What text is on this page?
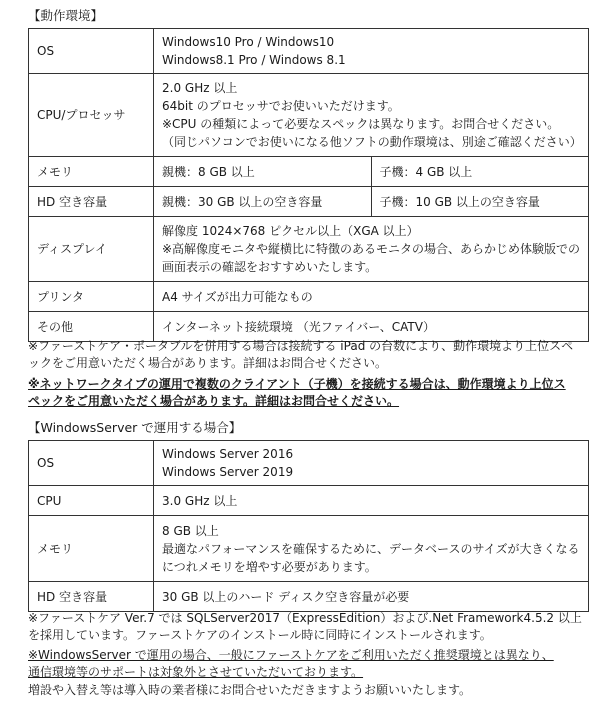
【動作環境】
OS	Windows10 Pro / Windows10
Windows8.1 Pro / Windows 8.1	

CPU/プロセッサ	2.0 GHz 以上
64bit のプロセッサでお使いいただけます。
※CPU の種類によって必要なスペックは異なります。お問合せください。
（同じパソコンでお使いになる他ソフトの動作環境は、別途ご確認ください）	

メモリ	親機：8 GB 以上	子機：4 GB 以上
HD 空き容量	親機：30 GB 以上の空き容量	子機：10 GB 以上の空き容量
ディスプレイ	解像度 1024×768 ピクセル以上（XGA 以上）
※高解像度モニタや縦横比に特徴のあるモニタの場合、あらかじめ体験版での
画面表示の確認をおすすめいたします。	

プリンタ	A4 サイズが出力可能なもの	
その他	インターネット接続環境 （光ファイバー、CATV）	
※ファーストケア・ポータブルを併用する場合は接続する iPad の台数により、動作環境より上位スペ
ックをご用意いただく場合があります。詳細はお問合せください。
※ネットワークタイプの運用で複数のクライアント（子機）を接続する場合は、動作環境より上位ス
ペックをご用意いただく場合があります。詳細はお問合せください。
【WindowsServer で運用する場合】
OS	Windows Server 2016
Windows Server 2019

CPU	3.0 GHz 以上
メモリ	8 GB 以上
最適なパフォーマンスを確保するために、データベースのサイズが大きくなる
につれメモリを増やす必要があります。

HD 空き容量	30 GB 以上のハード ディスク空き容量が必要
※ファーストケア Ver.7 では SQLServer2017（ExpressEdition）および.Net Framework4.5.2 以上
を採用しています。ファーストケアのインストール時に同時にインストールされます。
※WindowsServer で運用の場合、一般にファーストケアをご利用いただく推奨環境とは異なり、
通信環境等のサポートは対象外とさせていただいております。
増設や入替え等は導入時の業者様にお問合せいただきますようお願いいたします。
